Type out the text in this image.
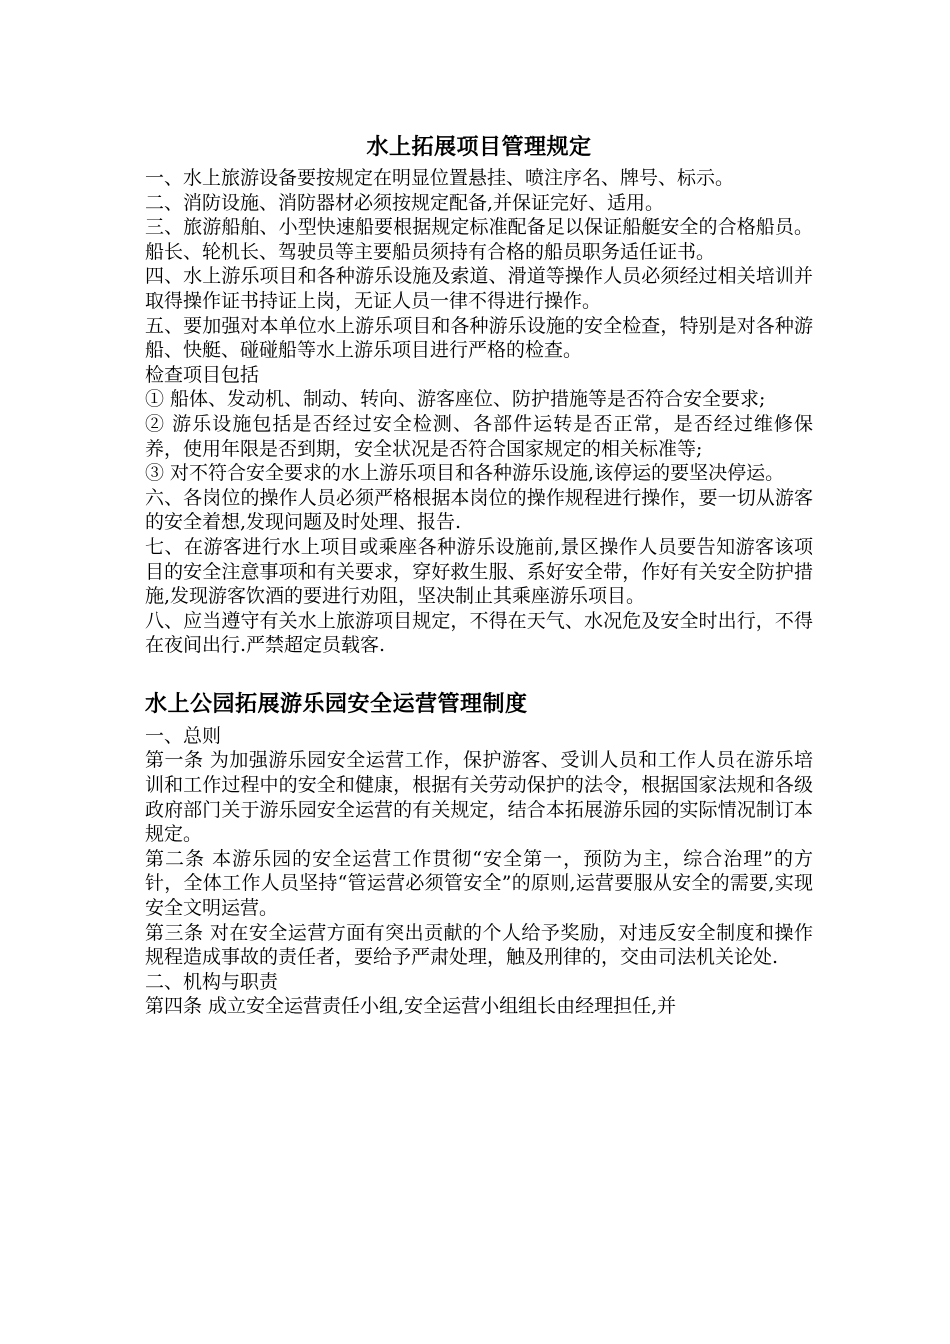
水上拓展项目管理规定

一、水上旅游设备要按规定在明显位置悬挂、喷注序名、牌号、标示。

二、消防设施、消防器材必须按规定配备,并保证完好、适用。

三、旅游船舶、小型快速船要根据规定标准配备足以保证船艇安全的合格船员。船长、轮机长、驾驶员等主要船员须持有合格的船员职务适任证书。

四、水上游乐项目和各种游乐设施及索道、滑道等操作人员必须经过相关培训并取得操作证书持证上岗，无证人员一律不得进行操作。

五、要加强对本单位水上游乐项目和各种游乐设施的安全检查，特别是对各种游船、快艇、碰碰船等水上游乐项目进行严格的检查。

检查项目包括

① 船体、发动机、制动、转向、游客座位、防护措施等是否符合安全要求;

② 游乐设施包括是否经过安全检测、各部件运转是否正常，是否经过维修保养，使用年限是否到期，安全状况是否符合国家规定的相关标准等;

③ 对不符合安全要求的水上游乐项目和各种游乐设施,该停运的要坚决停运。

六、各岗位的操作人员必须严格根据本岗位的操作规程进行操作，要一切从游客的安全着想,发现问题及时处理、报告.

七、在游客进行水上项目或乘座各种游乐设施前,景区操作人员要告知游客该项目的安全注意事项和有关要求，穿好救生服、系好安全带，作好有关安全防护措施,发现游客饮酒的要进行劝阻，坚决制止其乘座游乐项目。

八、应当遵守有关水上旅游项目规定，不得在天气、水况危及安全时出行，不得在夜间出行.严禁超定员载客.

水上公园拓展游乐园安全运营管理制度

一、总则

第一条 为加强游乐园安全运营工作，保护游客、受训人员和工作人员在游乐培训和工作过程中的安全和健康，根据有关劳动保护的法令，根据国家法规和各级政府部门关于游乐园安全运营的有关规定，结合本拓展游乐园的实际情况制订本规定。

第二条 本游乐园的安全运营工作贯彻“安全第一，预防为主，综合治理”的方针，全体工作人员坚持“管运营必须管安全”的原则,运营要服从安全的需要,实现安全文明运营。

第三条 对在安全运营方面有突出贡献的个人给予奖励，对违反安全制度和操作规程造成事故的责任者，要给予严肃处理，触及刑律的，交由司法机关论处.

二、机构与职责

第四条 成立安全运营责任小组,安全运营小组组长由经理担任,并
